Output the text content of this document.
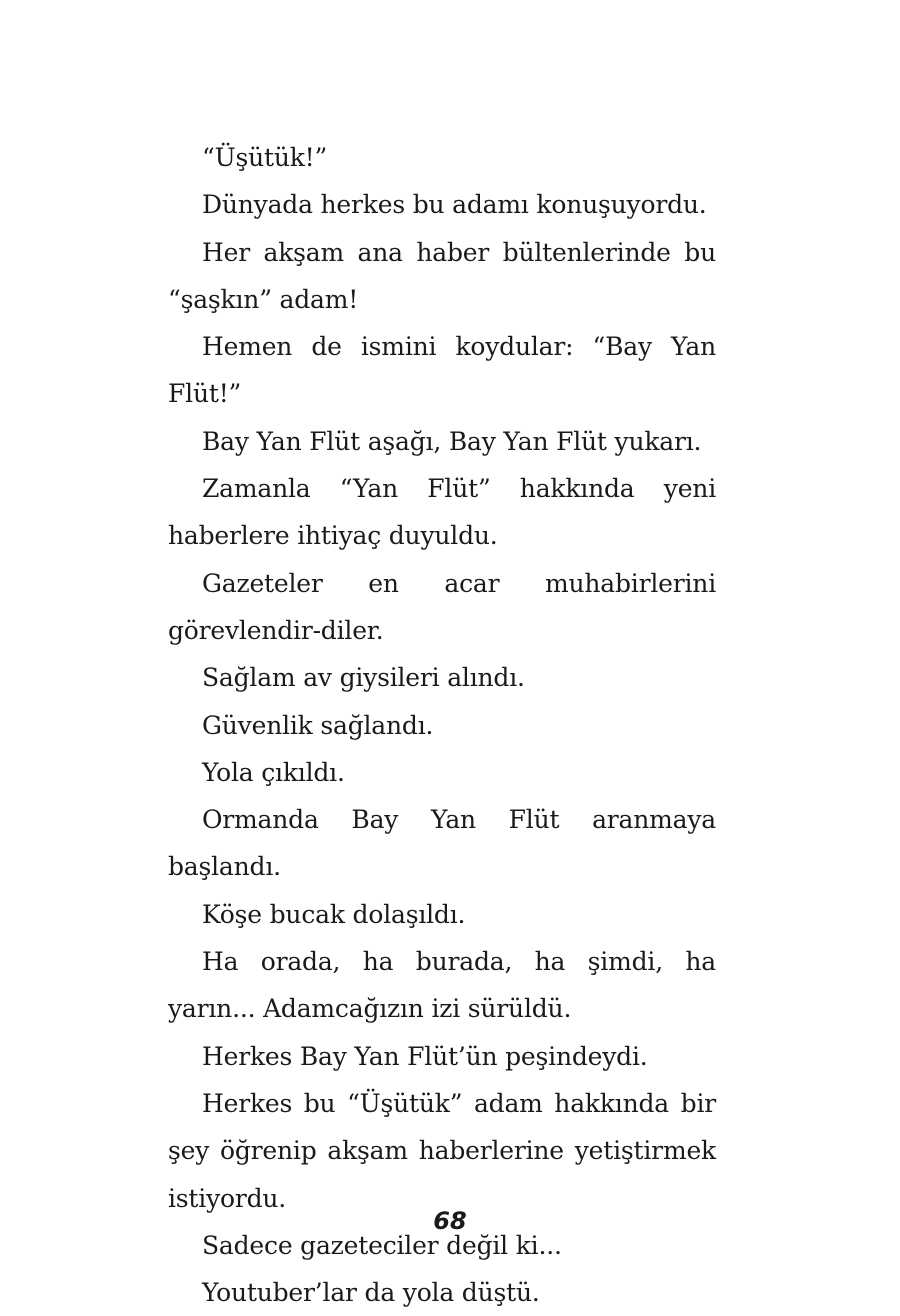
“Üşütük!”

Dünyada herkes bu adamı konuşuyordu.

Her akşam ana haber bültenlerinde bu “şaşkın” adam!

Hemen de ismini koydular: “Bay Yan Flüt!”

Bay Yan Flüt aşağı, Bay Yan Flüt yukarı.

Zamanla “Yan Flüt” hakkında yeni haberlere ihtiyaç duyuldu.

Gazeteler en acar muhabirlerini görevlendir-diler.

Sağlam av giysileri alındı.

Güvenlik sağlandı.

Yola çıkıldı.

Ormanda Bay Yan Flüt aranmaya başlandı.

Köşe bucak dolaşıldı.

Ha orada, ha burada, ha şimdi, ha yarın... Adamcağızın izi sürüldü.

Herkes Bay Yan Flüt’ün peşindeydi.

Herkes bu “Üşütük” adam hakkında bir şey öğrenip akşam haberlerine yetiştirmek istiyordu.

Sadece gazeteciler değil ki...

Youtuber’lar da yola düştü.

68
